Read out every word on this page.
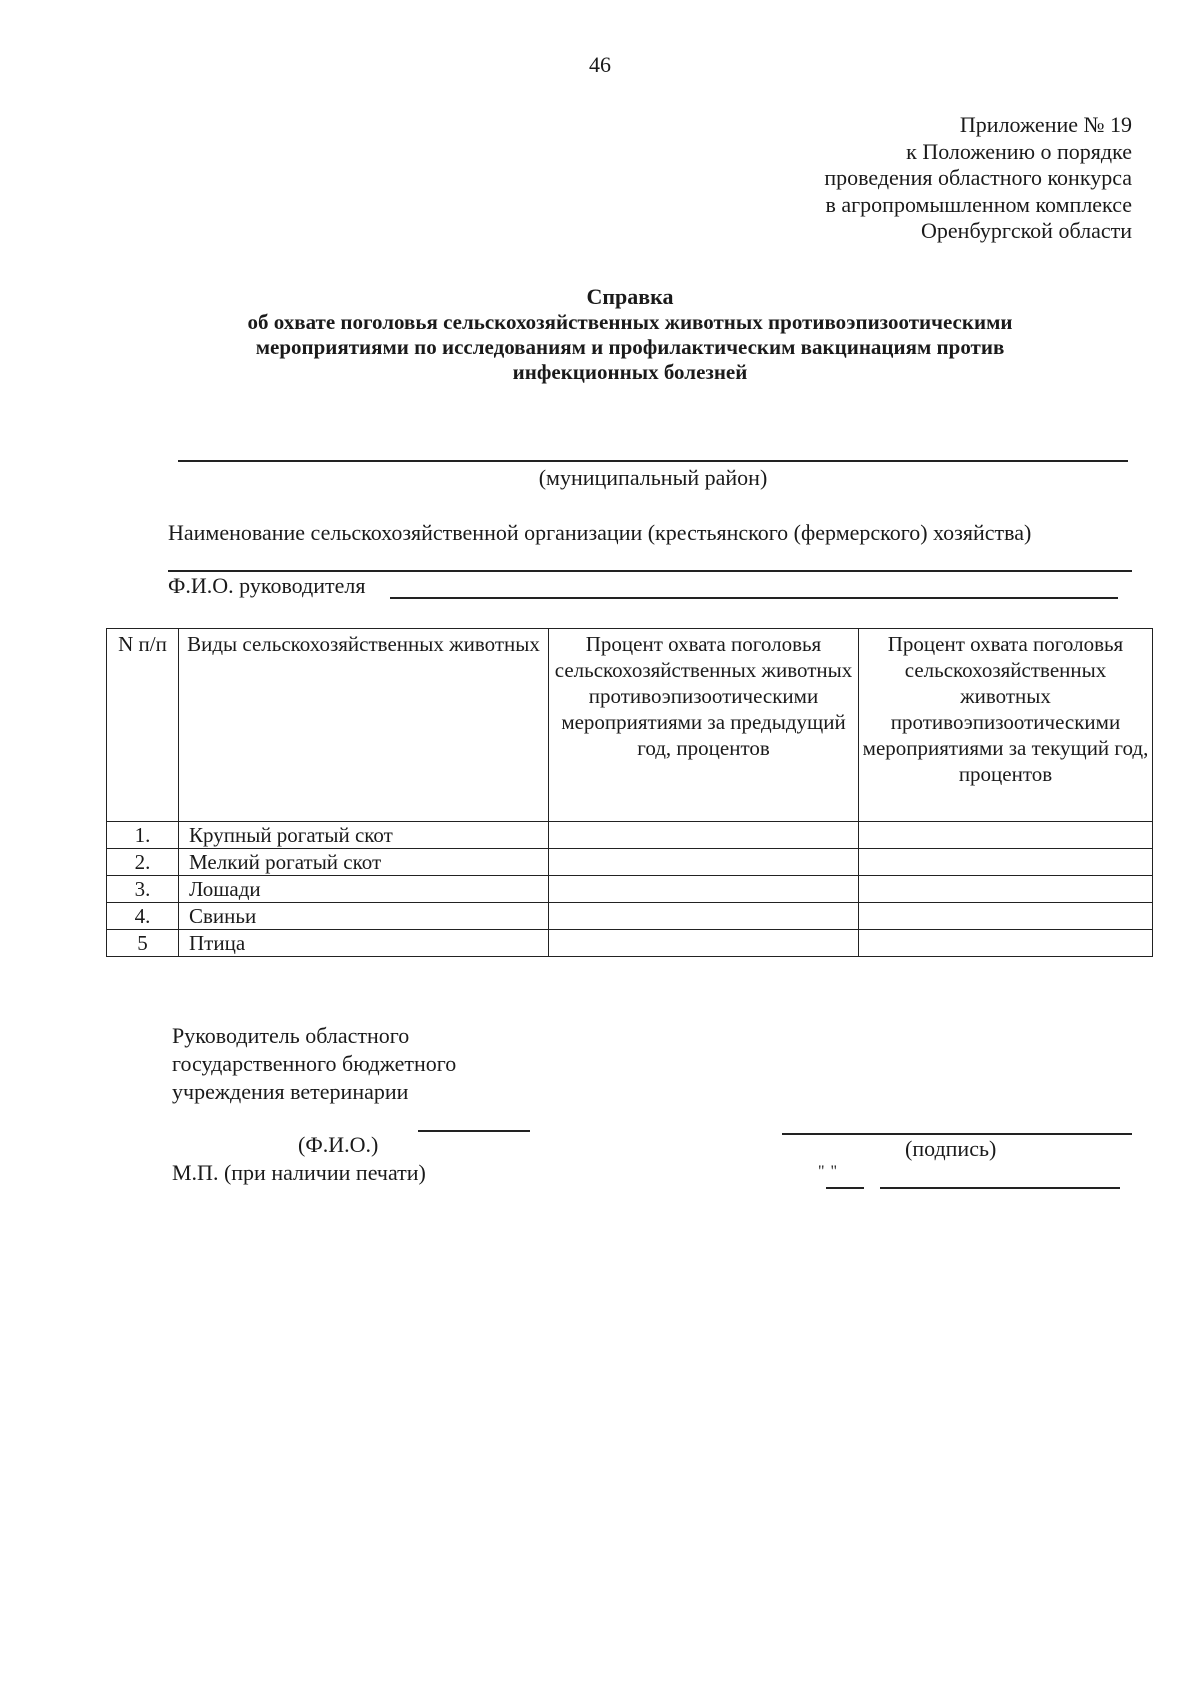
46
Приложение № 19
к Положению о порядке
проведения областного конкурса
в агропромышленном комплексе
Оренбургской области
Справка
об охвате поголовья сельскохозяйственных животных противоэпизоотическими
мероприятиями по исследованиям и профилактическим вакцинациям против
инфекционных болезней
(муниципальный район)
Наименование сельскохозяйственной организации (крестьянского (фермерского) хозяйства)
Ф.И.О. руководителя
N п/п	Виды сельскохозяйственных животных	Процент охвата поголовья сельскохозяйственных животных противоэпизоотическими мероприятиями за предыдущий год, процентов	Процент охвата поголовья сельскохозяйственных животных противоэпизоотическими мероприятиями за текущий год, процентов
1.	Крупный рогатый скот		
2.	Мелкий рогатый скот		
3.	Лошади		
4.	Свиньи		
5	Птица		
Руководитель областного
государственного бюджетного
учреждения ветеринарии
(Ф.И.О.)
М.П. (при наличии печати)
(подпись)
" "
